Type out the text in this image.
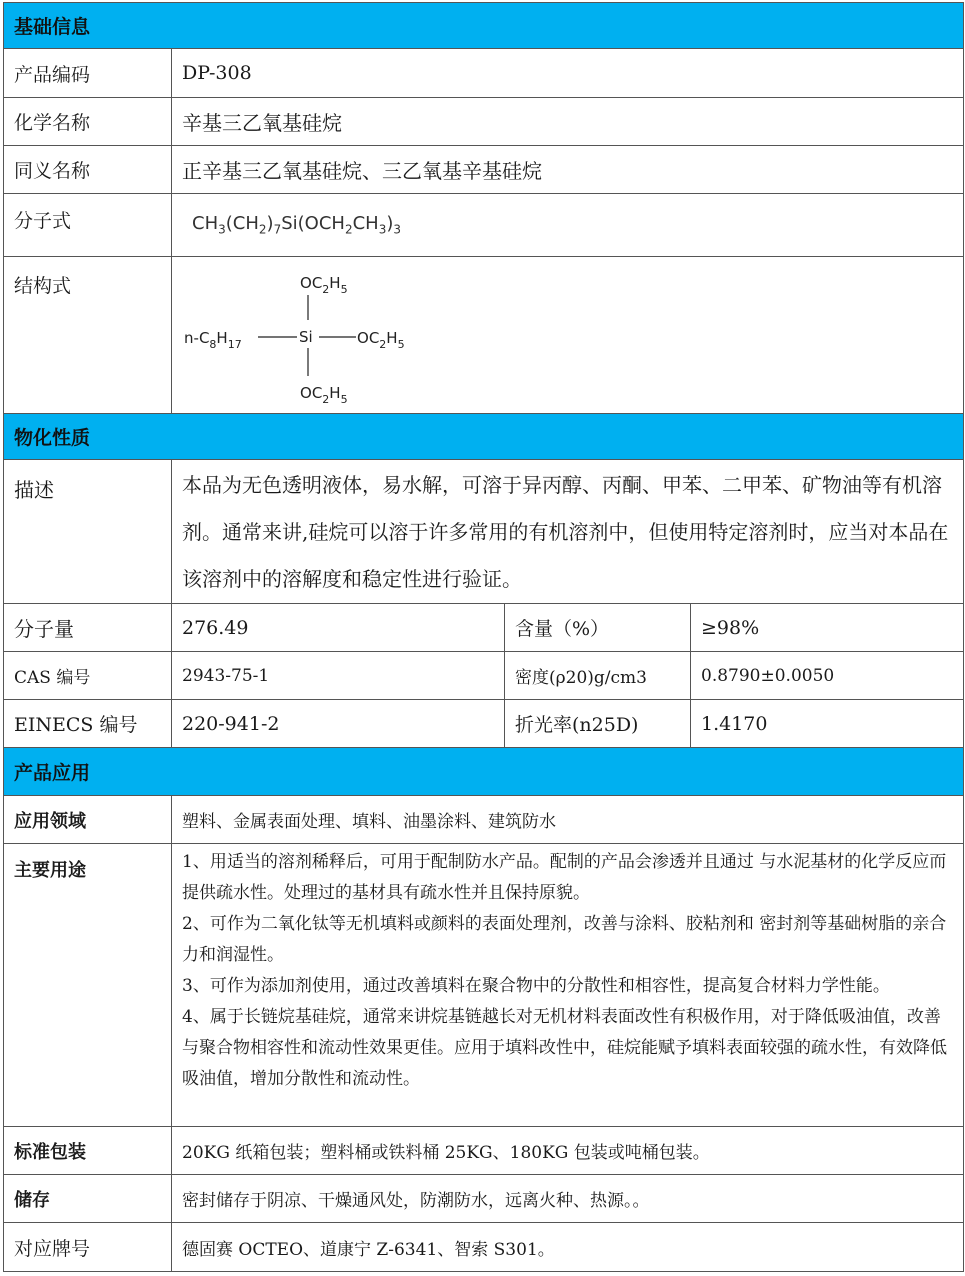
基础信息			
产品编码	DP-308		
化学名称	辛基三乙氧基硅烷		
同义名称	正辛基三乙氧基硅烷、三乙氧基辛基硅烷		
分子式	$CH_3(CH_2)_7Si(OCH_2CH_3)_3$
结构式	$OC_2H_5$
$n-C_8H_17$ Si $OC_2H_5$
$OC_2H_5$

物化性质			
描述	本品为无色透明液体，易水解，可溶于异丙醇、丙酮、甲苯、二甲苯、矿物油等有机溶剂。通常来讲,硅烷可以溶于许多常用的有机溶剂中，但使用特定溶剂时，应当对本品在该溶剂中的溶解度和稳定性进行验证。		
分子量	276.49	含量（%）	≥98%
CAS 编号	2943-75-1	密度(ρ20)g/cm3	0.8790±0.0050
EINECS 编号	220-941-2	折光率(n25D)	1.4170
产品应用			
应用领域	塑料、金属表面处理、填料、油墨涂料、建筑防水		
主要用途	1、用适当的溶剂稀释后，可用于配制防水产品。配制的产品会渗透并且通过 与水泥基材的化学反应而提供疏水性。处理过的基材具有疏水性并且保持原貌。

2、可作为二氧化钛等无机填料或颜料的表面处理剂，改善与涂料、胶粘剂和 密封剂等基础树脂的亲合力和润湿性。

3、可作为添加剂使用，通过改善填料在聚合物中的分散性和相容性，提高复合材料力学性能。

4、属于长链烷基硅烷，通常来讲烷基链越长对无机材料表面改性有积极作用，对于降低吸油值，改善与聚合物相容性和流动性效果更佳。应用于填料改性中，硅烷能赋予填料表面较强的疏水性，有效降低吸油值，增加分散性和流动性。		

标准包装	20KG 纸箱包装；塑料桶或铁料桶 25KG、180KG 包装或吨桶包装。		
储存	密封储存于阴凉、干燥通风处，防潮防水，远离火种、热源。。		
对应牌号	德固赛 OCTEO、道康宁 Z-6341、智索 S301。		
